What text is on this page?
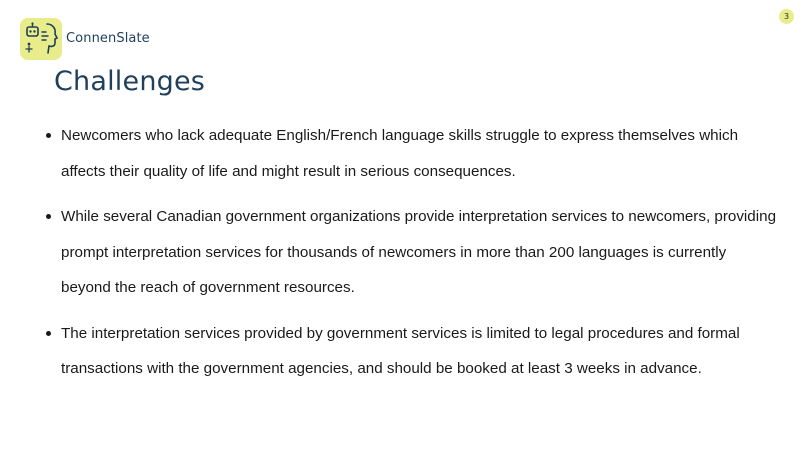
ConnenSlate
3
Challenges
Newcomers who lack adequate English/French language skills struggle to express themselves which affects their quality of life and might result in serious consequences.
While several Canadian government organizations provide interpretation services to newcomers, providing prompt interpretation services for thousands of newcomers in more than 200 languages is currently beyond the reach of government resources.
The interpretation services provided by government services is limited to legal procedures and formal transactions with the government agencies, and should be booked at least 3 weeks in advance.
